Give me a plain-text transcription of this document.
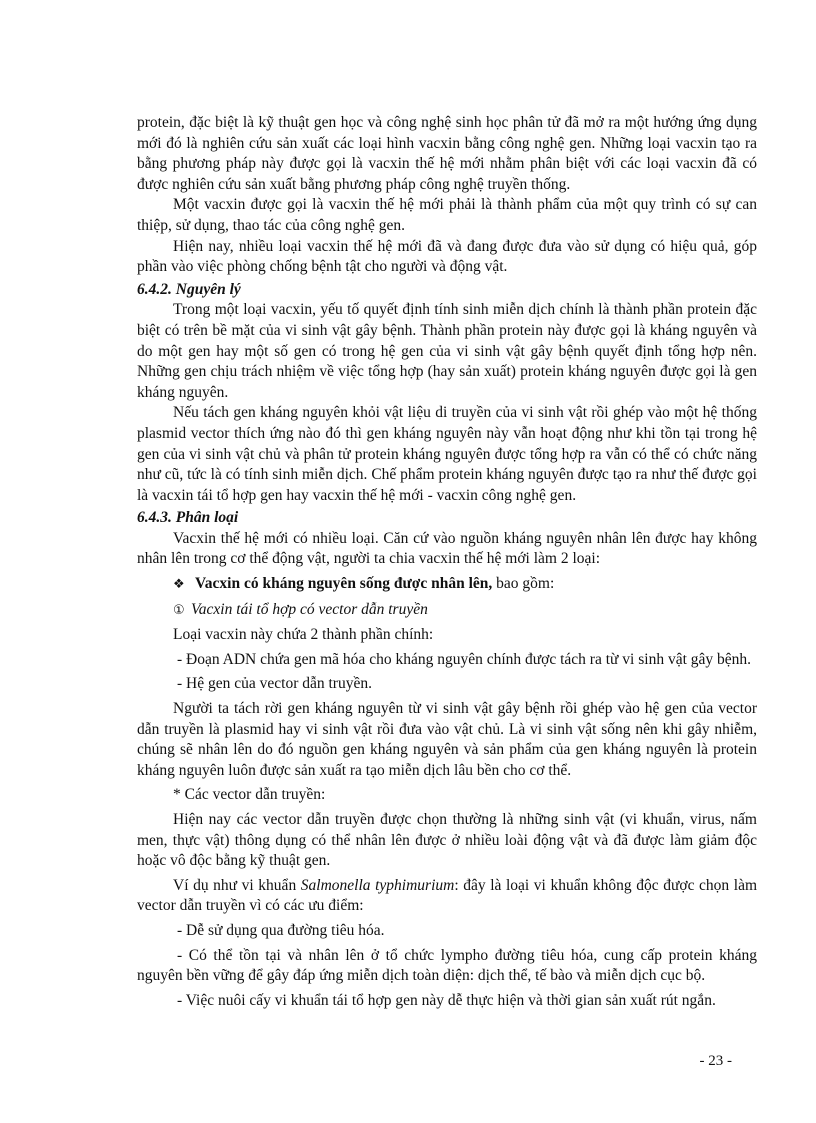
protein, đặc biệt là kỹ thuật gen học và công nghệ sinh học phân tử đã mở ra một hướng ứng dụng mới đó là nghiên cứu sản xuất các loại hình vacxin bằng công nghệ gen. Những loại vacxin tạo ra bằng phương pháp này được gọi là vacxin thế hệ mới nhằm phân biệt với các loại vacxin đã có được nghiên cứu sản xuất bằng phương pháp công nghệ truyền thống.

Một vacxin được gọi là vacxin thế hệ mới phải là thành phẩm của một quy trình có sự can thiệp, sử dụng, thao tác của công nghệ gen.

Hiện nay, nhiều loại vacxin thế hệ mới đã và đang được đưa vào sử dụng có hiệu quả, góp phần vào việc phòng chống bệnh tật cho người và động vật.

6.4.2. Nguyên lý

Trong một loại vacxin, yếu tố quyết định tính sinh miễn dịch chính là thành phần protein đặc biệt có trên bề mặt của vi sinh vật gây bệnh. Thành phần protein này được gọi là kháng nguyên và do một gen hay một số gen có trong hệ gen của vi sinh vật gây bệnh quyết định tổng hợp nên. Những gen chịu trách nhiệm về việc tổng hợp (hay sản xuất) protein kháng nguyên được gọi là gen kháng nguyên.

Nếu tách gen kháng nguyên khỏi vật liệu di truyền của vi sinh vật rồi ghép vào một hệ thống plasmid vector thích ứng nào đó thì gen kháng nguyên này vẫn hoạt động như khi tồn tại trong hệ gen của vi sinh vật chủ và phân tử protein kháng nguyên được tổng hợp ra vẫn có thể có chức năng như cũ, tức là có tính sinh miễn dịch. Chế phẩm protein kháng nguyên được tạo ra như thế được gọi là vacxin tái tổ hợp gen hay vacxin thế hệ mới - vacxin công nghệ gen.

6.4.3. Phân loại

Vacxin thế hệ mới có nhiều loại. Căn cứ vào nguồn kháng nguyên nhân lên được hay không nhân lên trong cơ thể động vật, người ta chia vacxin thế hệ mới làm 2 loại:

❖ Vacxin có kháng nguyên sống được nhân lên, bao gồm:

① Vacxin tái tổ hợp có vector dẫn truyền

Loại vacxin này chứa 2 thành phần chính:

- Đoạn ADN chứa gen mã hóa cho kháng nguyên chính được tách ra từ vi sinh vật gây bệnh.

- Hệ gen của vector dẫn truyền.

Người ta tách rời gen kháng nguyên từ vi sinh vật gây bệnh rồi ghép vào hệ gen của vector dẫn truyền là plasmid hay vi sinh vật rồi đưa vào vật chủ. Là vi sinh vật sống nên khi gây nhiễm, chúng sẽ nhân lên do đó nguồn gen kháng nguyên và sản phẩm của gen kháng nguyên là protein kháng nguyên luôn được sản xuất ra tạo miễn dịch lâu bền cho cơ thể.

* Các vector dẫn truyền:

Hiện nay các vector dẫn truyền được chọn thường là những sinh vật (vi khuẩn, virus, nấm men, thực vật) thông dụng có thể nhân lên được ở nhiều loài động vật và đã được làm giảm độc hoặc vô độc bằng kỹ thuật gen.

Ví dụ như vi khuẩn Salmonella typhimurium: đây là loại vi khuẩn không độc được chọn làm vector dẫn truyền vì có các ưu điểm:

- Dễ sử dụng qua đường tiêu hóa.

- Có thể tồn tại và nhân lên ở tổ chức lympho đường tiêu hóa, cung cấp protein kháng nguyên bền vững để gây đáp ứng miễn dịch toàn diện: dịch thể, tế bào và miễn dịch cục bộ.

- Việc nuôi cấy vi khuẩn tái tổ hợp gen này dễ thực hiện và thời gian sản xuất rút ngắn.

- 23 -
